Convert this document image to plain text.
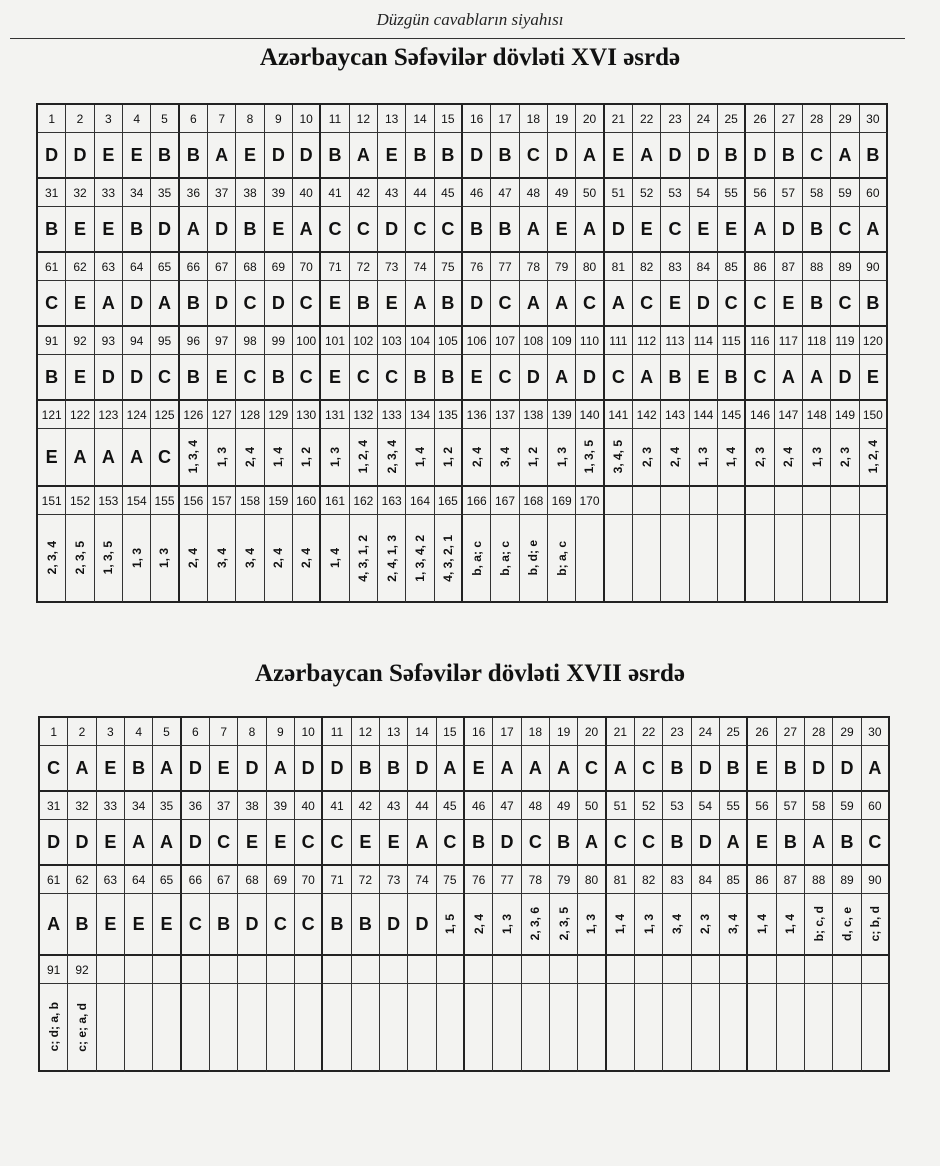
Düzgün cavabların siyahısı
Azərbaycan Səfəvilər dövləti XVI əsrdə
1	2	3	4	5	6	7	8	9	10	11	12	13	14	15	16	17	18	19	20	21	22	23	24	25	26	27	28	29	30
D D E E B B A E D D B A E B B D B C D A E A D D B D B C A B
31	32	33	34	35	36	37	38	39	40	41	42	43	44	45	46	47	48	49	50	51	52	53	54	55	56	57	58	59	60
B E E B D A D B E A C C D C C B B A E A D E C E E A D B C A
61	62	63	64	65	66	67	68	69	70	71	72	73	74	75	76	77	78	79	80	81	82	83	84	85	86	87	88	89	90
C E A D A B D C D C E B E A B D C A A C A C E D C C E B C B
91	92	93	94	95	96	97	98	99 100 101 102 103 104 105 106 107 108 109 110 111 112 113 114 115 116 117 118 119 120
B E D D C B E C B C E C C B B E C D A D C A B E B C A A D E
121 122 123 124 125 126 127 128 129 130 131 132 133 134 135 136 137 138 139 140 141 142 143 144 145 146 147 148 149 150
E A A A C	1, 3, 4 1, 3 2, 4 1, 4 1, 2 1, 3 1, 2, 4 2, 3, 4 1, 4 1, 2 2, 4 3, 4 1, 2 1, 3 1, 3, 5 3, 4, 5 2, 3 2, 4 1, 3 1, 4 2, 3 2, 4 1, 3 2, 3 1, 2, 4
151 152 153 154 155 156 157 158 159 160 161 162 163 164 165 166 167 168 169 170
2, 3, 4 2, 3, 5 1, 3, 5 1, 3 1, 3 2, 4 3, 4 3, 4 2, 4 2, 4 1, 4 4, 3, 1, 2 2, 4, 1, 3 1, 3, 4, 2 4, 3, 2, 1 b, a; c b, a; c b, d; e b; a, c
Azərbaycan Səfəvilər dövləti XVII əsrdə
1	2	3	4	5	6	7	8	9	10	11	12	13	14	15	16	17	18	19	20	21	22	23	24	25	26	27	28	29	30
C A E B A D E D A D D B B D A E A A A C A C B D B E B D D A
31	32	33	34	35	36	37	38	39	40	41	42	43	44	45	46	47	48	49	50	51	52	53	54	55	56	57	58	59	60
D D E A A D C E E C C E E A C B D C B A C C B D A E B A B C
61	62	63	64	65	66	67	68	69	70	71	72	73	74	75	76	77	78	79	80	81	82	83	84	85	86	87	88	89	90
A B E E E C B D C C B B D D	1, 5 2, 4 1, 3 2, 3, 6 2, 3, 5 1, 3 1, 4 1, 3 3, 4 2, 3 3, 4 1, 4 1, 4 b; c, d d, c, e c; b, d
91	92
c; d; a, b c; e; a, d
